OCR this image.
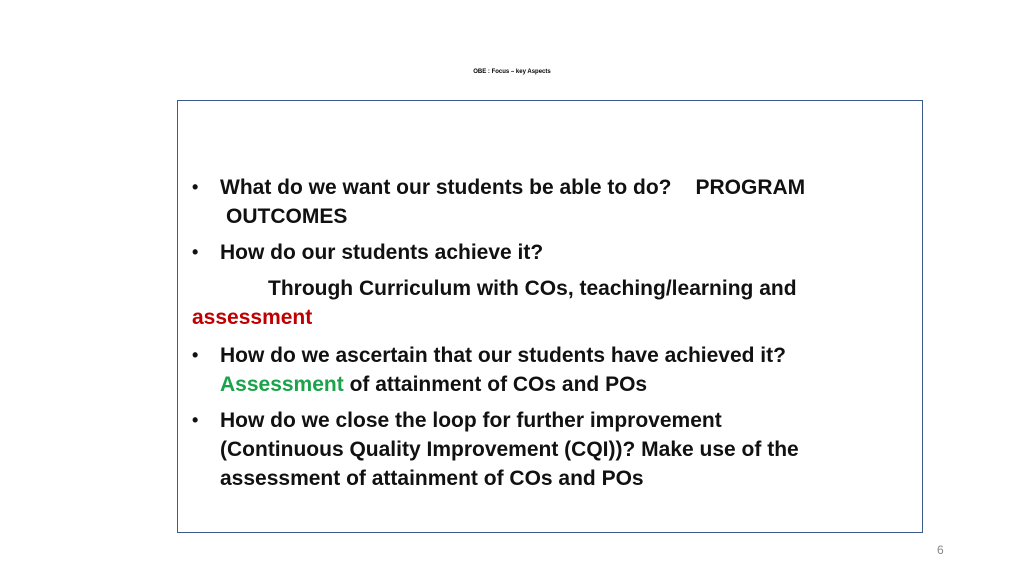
OBE : Focus – key Aspects
• What do we want our students be able to do? PROGRAM
OUTCOMES
• How do our students achieve it?
Through Curriculum with COs, teaching/learning and
assessment
• How do we ascertain that our students have achieved it?
Assessment of attainment of COs and POs
• How do we close the loop for further improvement
(Continuous Quality Improvement (CQI))? Make use of the
assessment of attainment of COs and POs
6
